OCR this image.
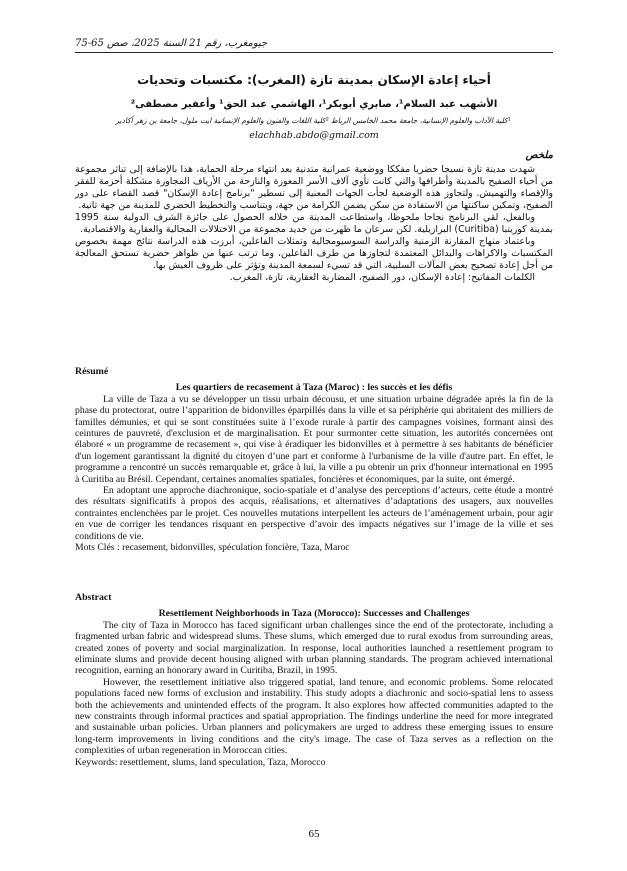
جيومغرب، رقم 21 السنة 2025، صص 65-75
أحياء إعادة الإسكان بمدينة تازة (المغرب): مكتسبات وتحديات
الأشهب عبد السلام¹، صابري أبوبكر¹، الهاشمي عبد الحق¹ وأعفير مصطفى²
¹كلية الآداب والعلوم الإنسانية، جامعة محمد الخامس الرباط ²كلية اللغات والفنون والعلوم الإنسانية ايت ملول، جامعة بن زهر أكادير
elachhab.abdo@gmail.com
ملخص

شهدت مدينة تازة نسيجا حضريا مفككا ووضعية عمرانية متدنية بعد انتهاء مرحلة الحماية، هذا بالإضافة إلى تناثر مجموعة من أحياء الصفيح بالمدينة وأطرافها والتي كانت تأوي آلاف الأسر المعوزة والنازحة من الأرياف المجاورة مشكلة أحزمة للفقر والإقصاء والتهميش. ولتجاوز هذه الوضعية لجأت الجهات المعنية إلى تسطير "برنامج إعادة الإسكان" قصد القضاء على دور الصفيح، وتمكين ساكنتها من الاستفادة من سكن يضمن الكرامة من جهة، ويتناسب والتخطيط الحضري للمدينة من جهة ثانية.

وبالفعل، لقي البرنامج نجاحا ملحوظا، واستطاعت المدينة من خلاله الحصول على جائزة الشرف الدولية سنة 1995 بمدينة كوريتبا (Curitiba) البرازيلية. لكن سرعان ما ظهرت من جديد مجموعة من الاختلالات المجالية والعقارية والاقتصادية.

وباعتماد منهاج المقارنة الزمنية والدراسة السوسيومجالية وتمثلات الفاعلين، أبرزت هذه الدراسة نتائج مهمة بخصوص المكتسبات والاكراهات والبدائل المعتمدة لتجاوزها من طرف الفاعلين، وما ترتب عنها من ظواهر حضرية تستحق المعالجة من أجل إعادة تصحيح بعض المآلات السلبية، التي قد تسيء لسمعة المدينة وتؤثر على ظروف العيش بها.

الكلمات المفاتيح: إعادة الإسكان، دور الصفيح، المضاربة العقارية، تازة، المغرب.

Résumé
Les quartiers de recasement à Taza (Maroc) : les succès et les défis

La ville de Taza a vu se développer un tissu urbain décousu, et une situation urbaine dégradée après la fin de la phase du protectorat, outre l’apparition de bidonvilles éparpillés dans la ville et sa périphérie qui abritaient des milliers de familles démunies, et qui se sont constituées suite à l’exode rurale à partir des campagnes voisines, formant ainsi des ceintures de pauvreté, d'exclusion et de marginalisation. Et pour surmonter cette situation, les autorités concernées ont élaboré « un programme de recasement », qui vise à éradiquer les bidonvilles et à permettre à ses habitants de bénéficier d'un logement garantissant la dignité du citoyen d’une part et conforme à l'urbanisme de la ville d'autre part. En effet, le programme a rencontré un succès remarquable et, grâce à lui, la ville a pu obtenir un prix d'honneur international en 1995 à Curitiba au Brésil. Cependant, certaines anomalies spatiales, foncières et économiques, par la suite, ont émergé.

En adoptant une approche diachronique, socio-spatiale et d’analyse des perceptions d’acteurs, cette étude a montré des résultats significatifs à propos des acquis, réalisations, et alternatives d’adaptations des usagers, aux nouvelles contraintes enclenchées par le projet. Ces nouvelles mutations interpellent les acteurs de l’aménagement urbain, pour agir en vue de corriger les tendances risquant en perspective d’avoir des impacts négatives sur l’image de la ville et ses conditions de vie.

Mots Clés : recasement, bidonvilles, spéculation foncière, Taza, Maroc
Abstract
Resettlement Neighborhoods in Taza (Morocco): Successes and Challenges

The city of Taza in Morocco has faced significant urban challenges since the end of the protectorate, including a fragmented urban fabric and widespread slums. These slums, which emerged due to rural exodus from surrounding areas, created zones of poverty and social marginalization. In response, local authorities launched a resettlement program to eliminate slums and provide decent housing aligned with urban planning standards. The program achieved international recognition, earning an honorary award in Curitiba, Brazil, in 1995.

However, the resettlement initiative also triggered spatial, land tenure, and economic problems. Some relocated populations faced new forms of exclusion and instability. This study adopts a diachronic and socio-spatial lens to assess both the achievements and unintended effects of the program. It also explores how affected communities adapted to the new constraints through informal practices and spatial appropriation. The findings underline the need for more integrated and sustainable urban policies. Urban planners and policymakers are urged to address these emerging issues to ensure long-term improvements in living conditions and the city's image. The case of Taza serves as a reflection on the complexities of urban regeneration in Moroccan cities.

Keywords: resettlement, slums, land speculation, Taza, Morocco
65
